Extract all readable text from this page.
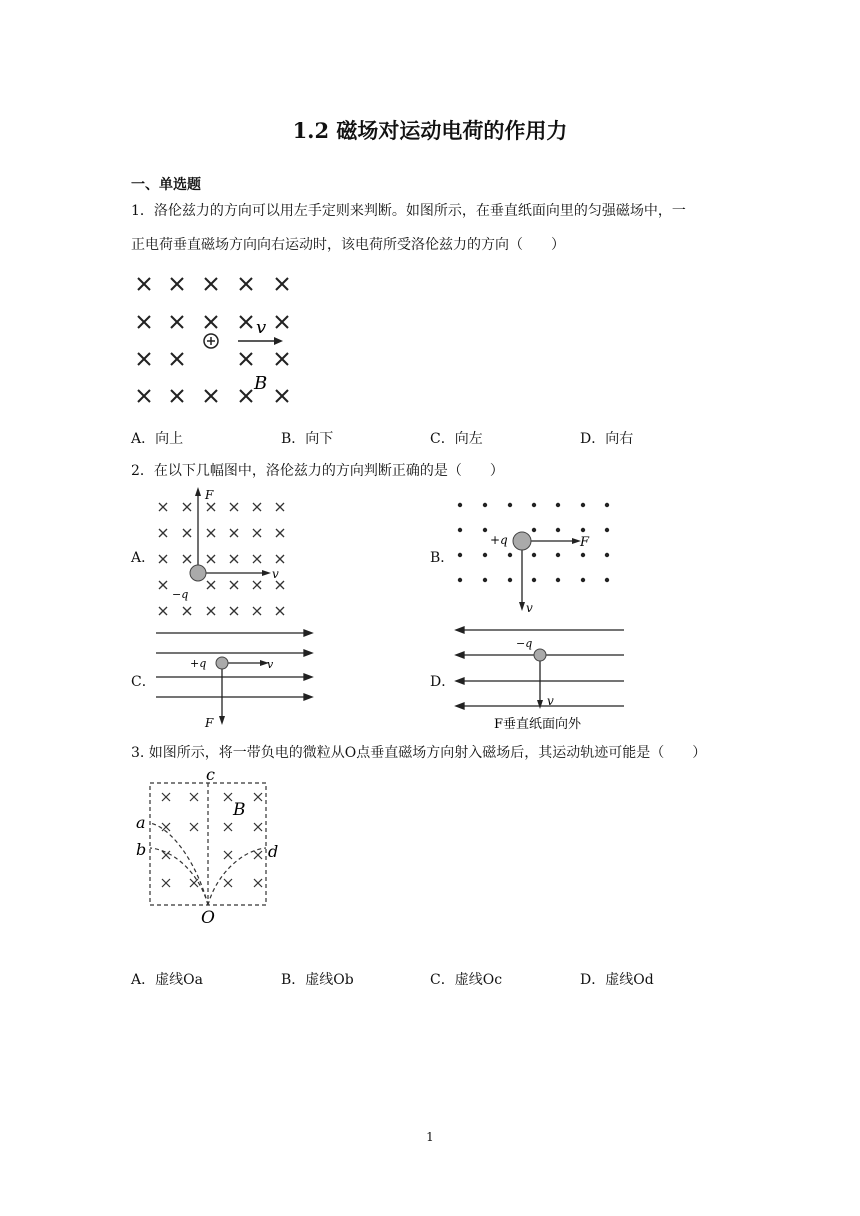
1.2 磁场对运动电荷的作用力
一、单选题
1．洛伦兹力的方向可以用左手定则来判断。如图所示，在垂直纸面向里的匀强磁场中，一
正电荷垂直磁场方向向右运动时，该电荷所受洛伦兹力的方向（　　）
v
B
A．向上	B．向下	C．向左	D．向右
2．在以下几幅图中，洛伦兹力的方向判断正确的是（　　）
A．
F
v
−q
B．
+q	F
v
C．
+q	v
F
D．
−q
v
F垂直纸面向外
3. 如图所示，将一带负电的微粒从O点垂直磁场方向射入磁场后，其运动轨迹可能是（　　）
a
b
c
d
B
O
A．虚线Oa	B．虚线Ob	C．虚线Oc	D．虚线Od
1
